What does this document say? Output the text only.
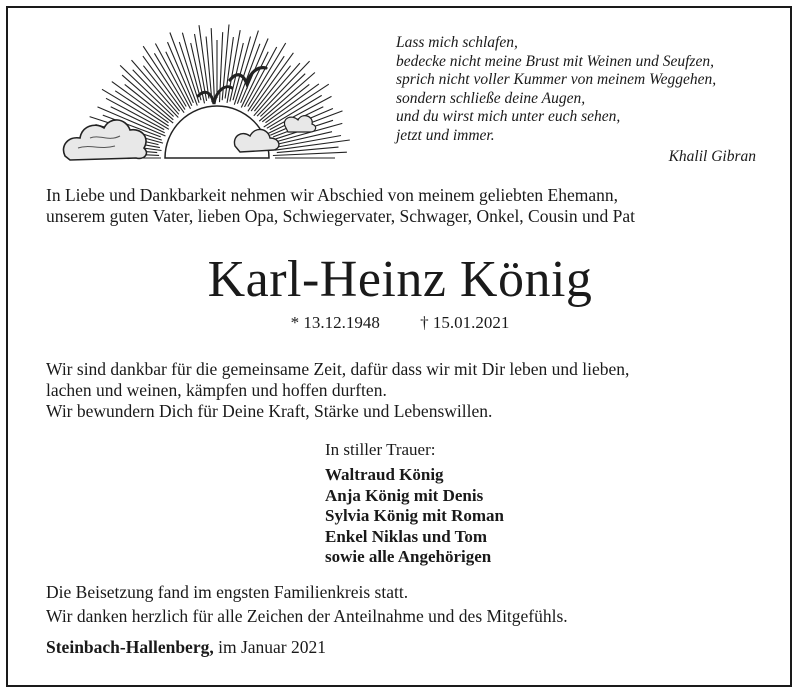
Lass mich schlafen,
bedecke nicht meine Brust mit Weinen und Seufzen,
sprich nicht voller Kummer von meinem Weggehen,
sondern schließe deine Augen,
und du wirst mich unter euch sehen,
jetzt und immer.
Khalil Gibran
In Liebe und Dankbarkeit nehmen wir Abschied von meinem geliebten Ehemann,
unserem guten Vater, lieben Opa, Schwiegervater, Schwager, Onkel, Cousin und Pat
Karl-Heinz König
* 13.12.1948 † 15.01.2021
Wir sind dankbar für die gemeinsame Zeit, dafür dass wir mit Dir leben und lieben,
lachen und weinen, kämpfen und hoffen durften.
Wir bewundern Dich für Deine Kraft, Stärke und Lebenswillen.
In stiller Trauer:
Waltraud König
Anja König mit Denis
Sylvia König mit Roman
Enkel Niklas und Tom
sowie alle Angehörigen
Die Beisetzung fand im engsten Familienkreis statt.
Wir danken herzlich für alle Zeichen der Anteilnahme und des Mitgefühls.
Steinbach-Hallenberg, im Januar 2021
